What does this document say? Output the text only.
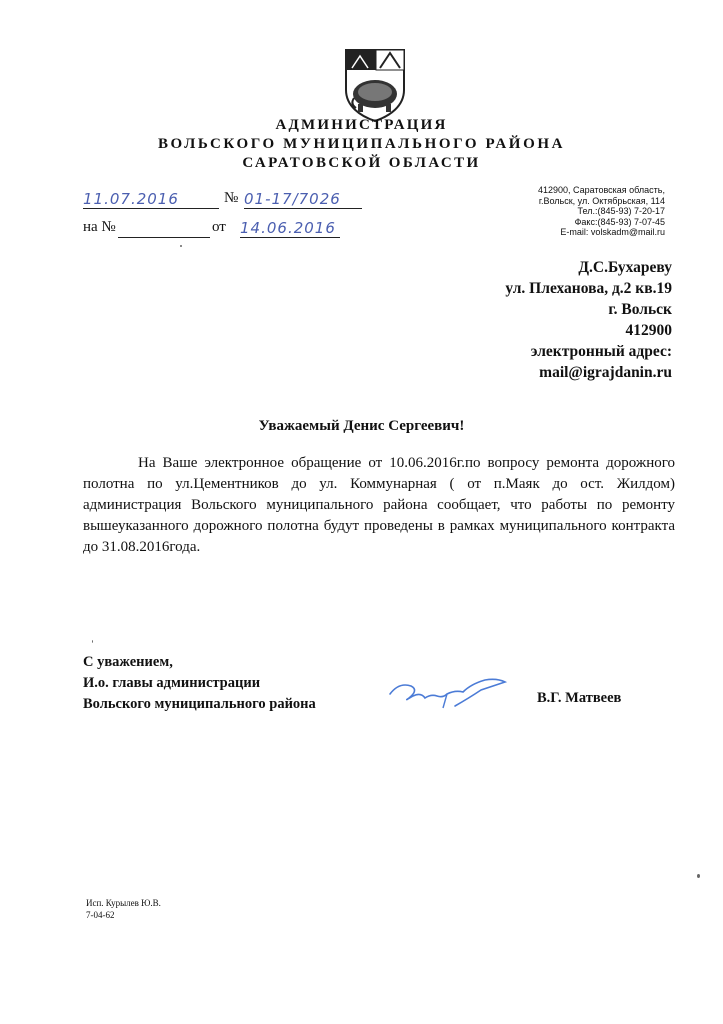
АДМИНИСТРАЦИЯ
ВОЛЬСКОГО МУНИЦИПАЛЬНОГО РАЙОНА
САРАТОВСКОЙ ОБЛАСТИ
11.07.2016	№ 01-17/7026
на №	от 14.06.2016
412900, Саратовская область,
г.Вольск, ул. Октябрьская, 114
Тел.:(845-93) 7-20-17
Факс:(845-93) 7-07-45
E-mail: volskadm@mail.ru
Д.С.Бухареву
ул. Плеханова, д.2 кв.19
г. Вольск
412900
электронный адрес:
mail@igrajdanin.ru
Уважаемый Денис Сергеевич!

На Ваше электронное обращение от 10.06.2016г.по вопросу ремонта дорожного полотна по ул.Цементников до ул. Коммунарная ( от п.Маяк до ост. Жилдом) администрация Вольского муниципального района сообщает, что работы по ремонту вышеуказанного дорожного полотна будут проведены в рамках муниципального контракта до 31.08.2016года.

С уважением,
И.о. главы администрации
Вольского муниципального района	В.Г. Матвеев
Исп. Курылев Ю.В.
7-04-62
